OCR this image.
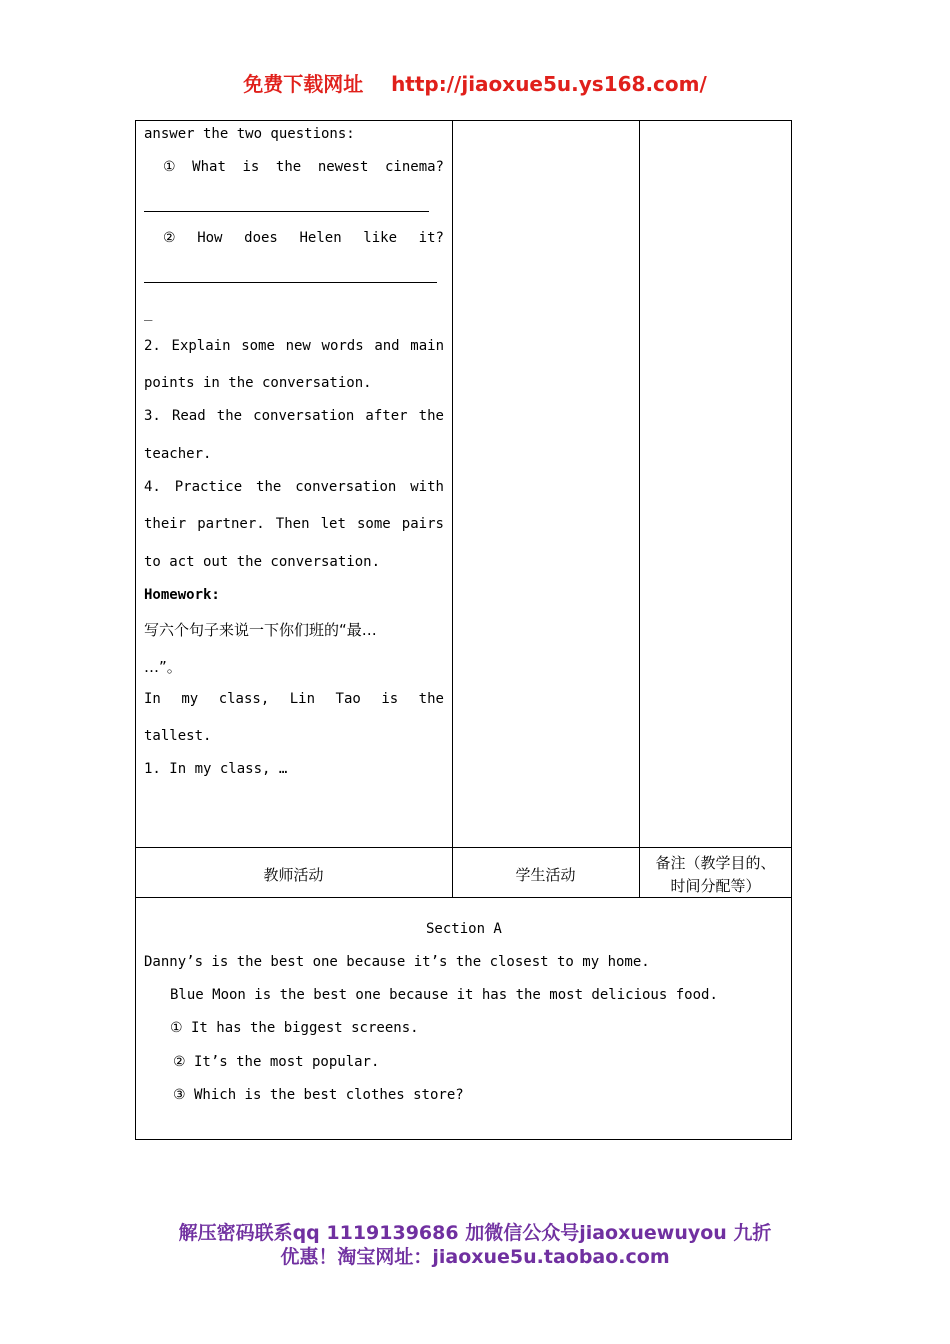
免费下载网址 http://jiaoxue5u.ys168.com/
answer the two questions:
① What is the newest cinema?
② How does Helen like it?
_
2. Explain some new words and main
points in the conversation.
3. Read the conversation after the
teacher.
4. Practice the conversation with
their partner. Then let some pairs
to act out the conversation.
Homework:
写六个句子来说一下你们班的“最…
…”。
In my class, Lin Tao is the
tallest.
1. In my class, …
教师活动	学生活动
备注（教学目的、
时间分配等）
Section A
Danny’s is the best one because it’s the closest to my home.
Blue Moon is the best one because it has the most delicious food.
① It has the biggest screens.
② It’s the most popular.
③ Which is the best clothes store?
解压密码联系qq 1119139686 加微信公众号jiaoxuewuyou 九折
优惠！淘宝网址：jiaoxue5u.taobao.com
